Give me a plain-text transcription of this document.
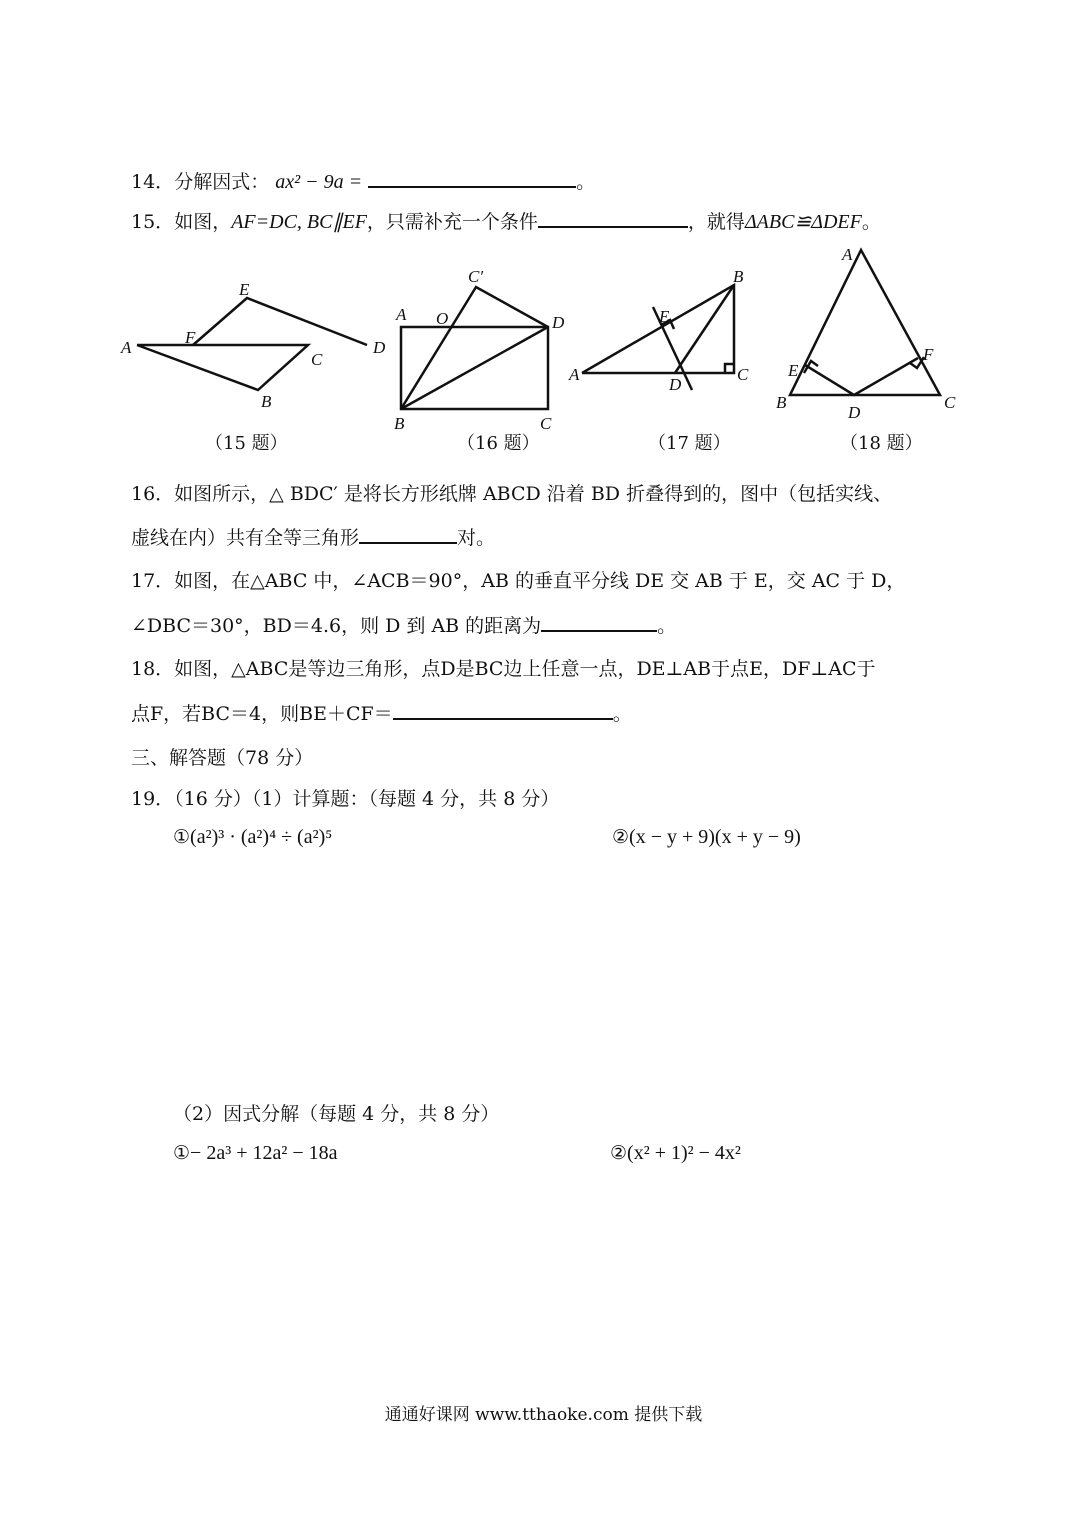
14．分解因式： ax² − 9a =	。
15．如图，AF=DC, BC∥EF，只需补充一个条件	，就得ΔABC≌ΔDEF。
A
B
C
D
E
F
（15 题）
A
B	C
D
O
C′
（16 题）
A
B
C
D
E
（17 题）
A
B	C
D
E
F
（18 题）
16．如图所示，△ BDC′ 是将长方形纸牌 ABCD 沿着 BD 折叠得到的，图中（包括实线、
虚线在内）共有全等三角形	对。
17．如图，在△ABC 中，∠ACB＝90°，AB 的垂直平分线 DE 交 AB 于 E，交 AC 于 D，
∠DBC＝30°，BD＝4.6，则 D 到 AB 的距离为	。
18．如图，△ABC是等边三角形，点D是BC边上任意一点，DE⊥AB于点E，DF⊥AC于
点F，若BC＝4，则BE＋CF＝	。
三、解答题（78 分）
19．（16 分）（1）计算题：（每题 4 分，共 8 分）
①(a²)³ · (a²)⁴ ÷ (a²)⁵	②(x − y + 9)(x + y − 9)
（2）因式分解（每题 4 分，共 8 分）
①− 2a³ + 12a² − 18a	②(x² + 1)² − 4x²
通通好课网 www.tthaoke.com 提供下载
